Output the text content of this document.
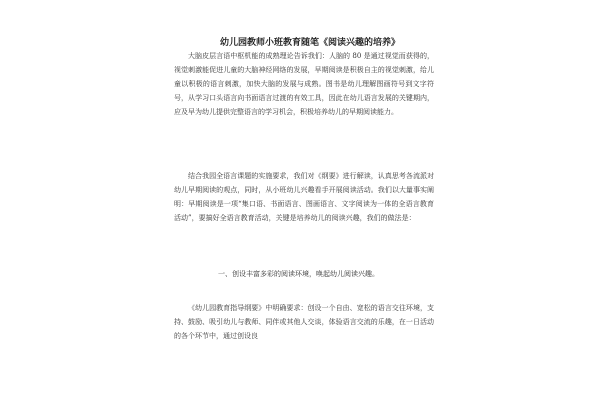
幼儿园教师小班教育随笔《阅读兴趣的培养》

大脑皮层言语中枢机能的成熟理论告诉我们：人脑的 80 是通过视觉而获得的，视觉刺激能促进儿童的大脑神经网络的发展，早期阅读是积极自主的视觉刺激，给儿童以积极的语言刺激，加快大脑的发展与成熟。图书是幼儿理解图画符号到文字符号，从学习口头语言向书面语言过渡的有效工具，因此在幼儿语言发展的关键期内，应及早为幼儿提供完整语言的学习机会，积极培养幼儿的早期阅读能力。

结合我园全语言课题的实施要求，我们对《纲要》进行解读，认真思考各流派对幼儿早期阅读的观点，同时，从小班幼儿兴趣看手开展阅读活动。我们以大量事实阐明：早期阅读是一项“集口语、书面语言、图画语言、文字阅读为一体的全语言教育活动”，要搞好全语言教育活动，关键是培养幼儿的阅读兴趣，我们的做法是：

一、创设丰富多彩的阅读环境，唤起幼儿阅读兴趣。

《幼儿园教育指导纲要》中明确要求：创设一个自由、宽松的语言交往环境，支持、鼓励、吸引幼儿与教师、同伴或其他人交谈，体验语言交流的乐趣，在一日活动的各个环节中，通过创设良
